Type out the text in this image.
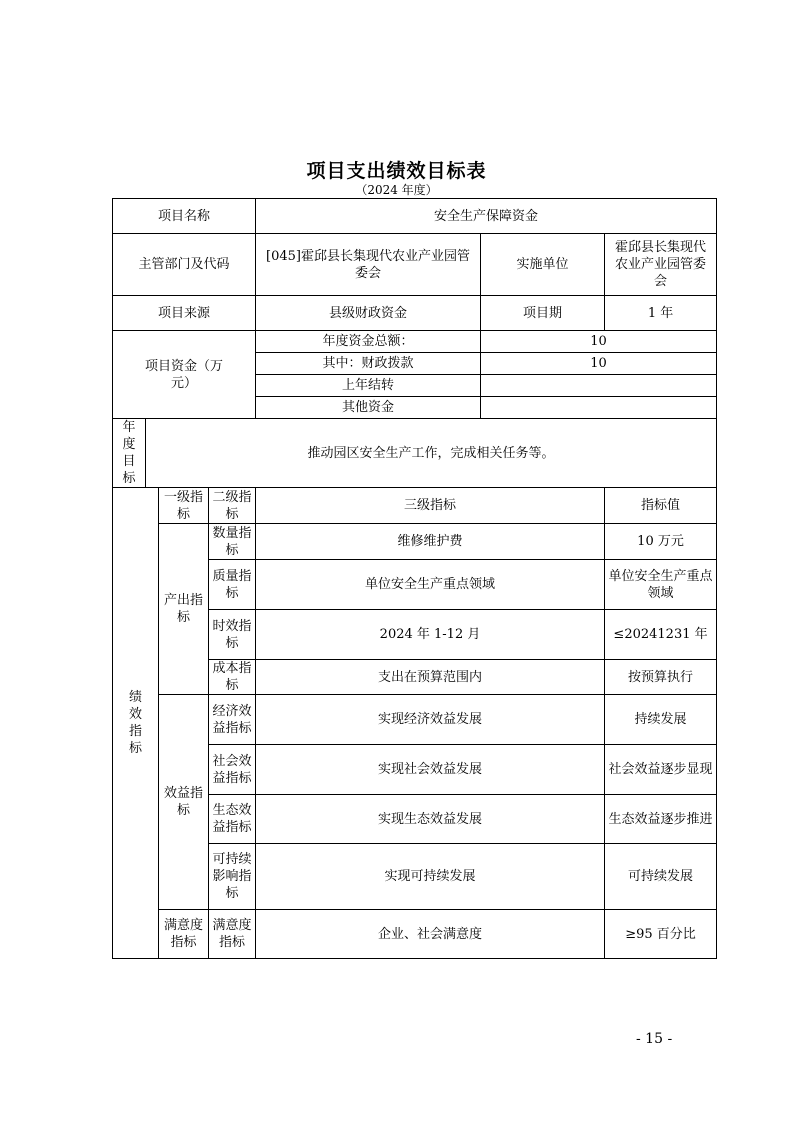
项目支出绩效目标表
（2024 年度）
项目名称				安全生产保障资金		
主管部门及代码				[045]霍邱县长集现代农业产业园管委会	实施单位	霍邱县长集现代农业产业园管委会
项目来源				县级财政资金	项目期	1 年
项目资金（万元）				年度资金总额：	10	
				其中：财政拨款	10	
				上年结转		
				其他资金		
年度目标	推动园区安全生产工作，完成相关任务等。					
绩效指标		一级指标	二级指标	三级指标		指标值
		产出指标	数量指标	维修维护费		10 万元
			质量指标	单位安全生产重点领域		单位安全生产重点领域
			时效指标	2024 年 1-12 月		≤20241231 年
			成本指标	支出在预算范围内		按预算执行
		效益指标	经济效益指标	实现经济效益发展		持续发展
			社会效益指标	实现社会效益发展		社会效益逐步显现
			生态效益指标	实现生态效益发展		生态效益逐步推进
			可持续影响指标	实现可持续发展		可持续发展
		满意度指标	满意度指标	企业、社会满意度		≥95 百分比
- 15 -
